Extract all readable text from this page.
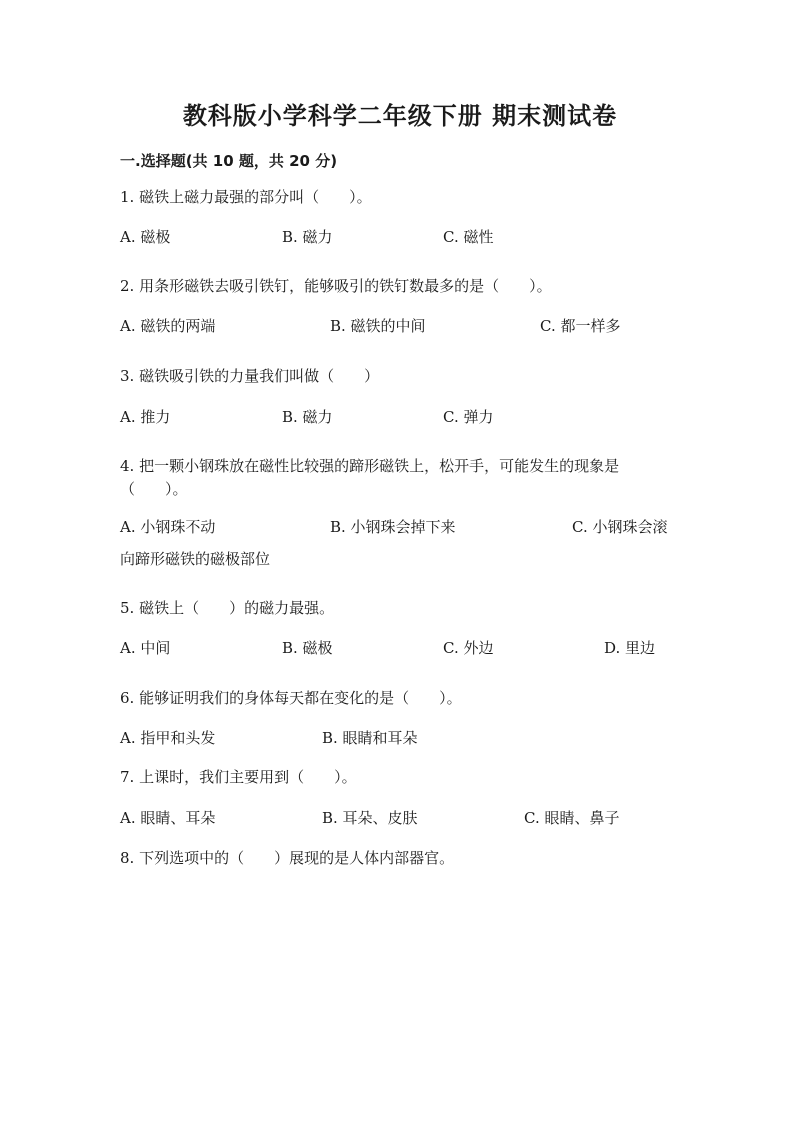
教科版小学科学二年级下册 期末测试卷
一.选择题(共 10 题，共 20 分)
1. 磁铁上磁力最强的部分叫（　　）。
A. 磁极	B. 磁力	C. 磁性
2. 用条形磁铁去吸引铁钉，能够吸引的铁钉数最多的是（　　）。
A. 磁铁的两端	B. 磁铁的中间	C. 都一样多
3. 磁铁吸引铁的力量我们叫做（　　）
A. 推力	B. 磁力	C. 弹力
4. 把一颗小钢珠放在磁性比较强的蹄形磁铁上，松开手，可能发生的现象是
（　　）。
A. 小钢珠不动	B. 小钢珠会掉下来	C. 小钢珠会滚
向蹄形磁铁的磁极部位
5. 磁铁上（　　）的磁力最强。
A. 中间	B. 磁极	C. 外边	D. 里边
6. 能够证明我们的身体每天都在变化的是（　　）。
A. 指甲和头发	B. 眼睛和耳朵
7. 上课时，我们主要用到（　　）。
A. 眼睛、耳朵	B. 耳朵、皮肤	C. 眼睛、鼻子
8. 下列选项中的（　　）展现的是人体内部器官。
